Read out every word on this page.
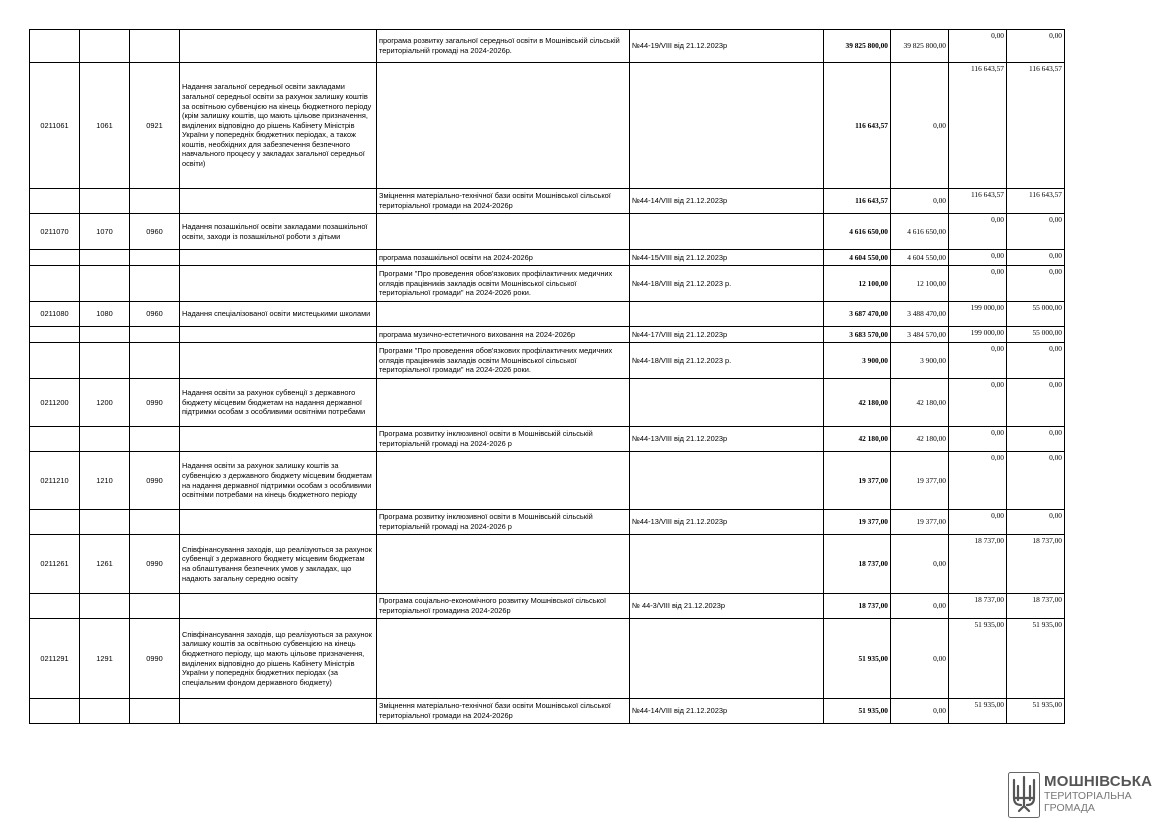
				програма розвитку загальної середньої освіти в Мошнівській сільській територіальній громаді на 2024-2026р.	№44-19/VIII від 21.12.2023р	39 825 800,00	39 825 800,00	0,00	0,00
0211061	1061	0921	Надання загальної середньої освіти закладами загальної середньої освіти за рахунок залишку коштів за освітньою субвенцією на кінець бюджетного періоду (крім залишку коштів, що мають цільове призначення, виділених відповідно до рішень Кабінету Міністрів України у попередніх бюджетних періодах, а також коштів, необхідних для забезпечення безпечного навчального процесу у закладах загальної середньої освіти)			116 643,57	0,00	116 643,57	116 643,57
				Зміцнення матеріально-технічної бази освіти Мошнівської сільської територіальної громади на 2024-2026р	№44-14/VIII від 21.12.2023р	116 643,57	0,00	116 643,57	116 643,57
0211070	1070	0960	Надання позашкільної освіти закладами позашкільної освіти, заходи із позашкільної роботи з дітьми			4 616 650,00	4 616 650,00	0,00	0,00
				програма позашкільної освіти на 2024-2026р	№44-15/VIII від 21.12.2023р	4 604 550,00	4 604 550,00	0,00	0,00
				Програми "Про проведення обов'язкових профілактичних медичних оглядів працівників закладів освіти Мошнівської сільської територіальної громади" на 2024-2026 роки.	№44-18/VIII від 21.12.2023 р.	12 100,00	12 100,00	0,00	0,00
0211080	1080	0960	Надання спеціалізованої освіти мистецькими школами			3 687 470,00	3 488 470,00	199 000,00	55 000,00
				програма музично-естетичного виховання на 2024-2026р	№44-17/VIII від 21.12.2023р	3 683 570,00	3 484 570,00	199 000,00	55 000,00
				Програми "Про проведення обов'язкових профілактичних медичних оглядів працівників закладів освіти Мошнівської сільської територіальної громади" на 2024-2026 роки.	№44-18/VIII від 21.12.2023 р.	3 900,00	3 900,00	0,00	0,00
0211200	1200	0990	Надання освіти за рахунок субвенції з державного бюджету місцевим бюджетам на надання державної підтримки особам з особливими освітніми потребами			42 180,00	42 180,00	0,00	0,00
				Програма розвитку інклюзивної освіти в Мошнівській сільській територіальній громаді на 2024-2026 р	№44-13/VIII від 21.12.2023р	42 180,00	42 180,00	0,00	0,00
0211210	1210	0990	Надання освіти за рахунок залишку коштів за субвенцією з державного бюджету місцевим бюджетам на надання державної підтримки особам з особливими освітніми потребами на кінець бюджетного періоду			19 377,00	19 377,00	0,00	0,00
				Програма розвитку інклюзивної освіти в Мошнівській сільській територіальній громаді на 2024-2026 р	№44-13/VIII від 21.12.2023р	19 377,00	19 377,00	0,00	0,00
0211261	1261	0990	Співфінансування заходів, що реалізуються за рахунок субвенції з державного бюджету місцевим бюджетам на облаштування безпечних умов у закладах, що надають загальну середню освіту			18 737,00	0,00	18 737,00	18 737,00
				Програма соціально-економічного розвитку Мошнівської сільської територіальної громадина 2024-2026р	№ 44-3/VIII від 21.12.2023р	18 737,00	0,00	18 737,00	18 737,00
0211291	1291	0990	Співфінансування заходів, що реалізуються за рахунок залишку коштів за освітньою субвенцією на кінець бюджетного періоду, що мають цільове призначення, виділених відповідно до рішень Кабінету Міністрів України у попередніх бюджетних періодах (за спеціальним фондом державного бюджету)			51 935,00	0,00	51 935,00	51 935,00
				Зміцнення матеріально-технічної бази освіти Мошнівської сільської територіальної громади на 2024-2026р	№44-14/VIII від 21.12.2023р	51 935,00	0,00	51 935,00	51 935,00
МОШНІВСЬКА
ТЕРИТОРІАЛЬНА
ГРОМАДА
